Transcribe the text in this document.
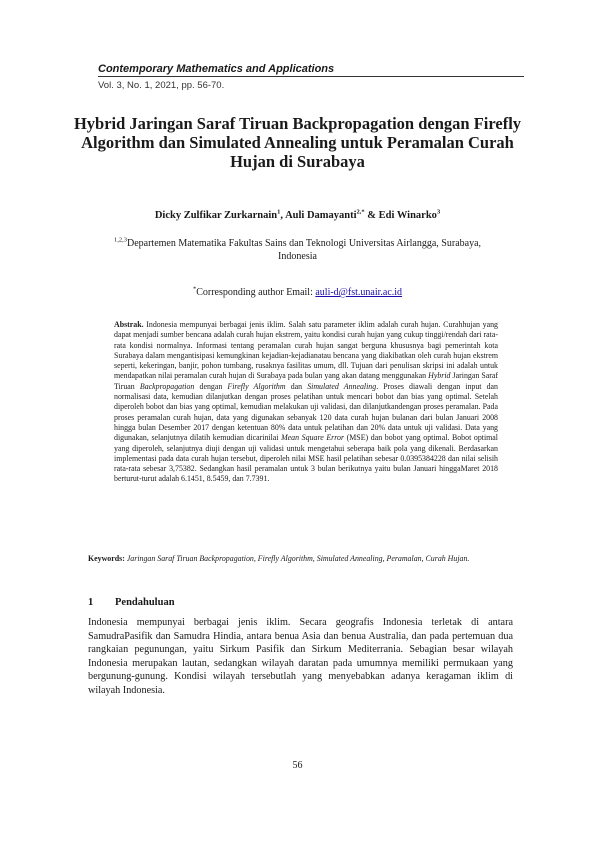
Contemporary Mathematics and Applications
Vol. 3, No. 1, 2021, pp. 56-70.
Hybrid Jaringan Saraf Tiruan Backpropagation dengan Firefly Algorithm dan Simulated Annealing untuk Peramalan Curah Hujan di Surabaya
Dicky Zulfikar Zurkarnain$^1$, Auli Damayanti$^{2,*}$ & Edi Winarko$^3$
$^{1,2,3}$Departemen Matematika Fakultas Sains dan Teknologi Universitas Airlangga, Surabaya, Indonesia
*Corresponding author Email: auli-d@fst.unair.ac.id

Abstrak. Indonesia mempunyai berbagai jenis iklim. Salah satu parameter iklim adalah curah hujan. Curahhujan yang dapat menjadi sumber bencana adalah curah hujan ekstrem, yaitu kondisi curah hujan yang cukup tinggi/rendah dari rata-rata kondisi normalnya. Informasi tentang peramalan curah hujan sangat berguna khususnya bagi pemerintah kota Surabaya dalam mengantisipasi kemungkinan kejadian-kejadianatau bencana yang diakibatkan oleh curah hujan ekstrem seperti, kekeringan, banjir, pohon tumbang, rusaknya fasilitas umum, dll. Tujuan dari penulisan skripsi ini adalah untuk mendapatkan nilai peramalan curah hujan di Surabaya pada bulan yang akan datang menggunakan Hybrid Jaringan Saraf Tiruan Backpropagation dengan Firefly Algorithm dan Simulated Annealing. Proses diawali dengan input dan normalisasi data, kemudian dilanjutkan dengan proses pelatihan untuk mencari bobot dan bias yang optimal. Setelah diperoleh bobot dan bias yang optimal, kemudian melakukan uji validasi, dan dilanjutkandengan proses peramalan. Pada proses peramalan curah hujan, data yang digunakan sebanyak 120 data curah hujan bulanan dari bulan Januari 2008 hingga bulan Desember 2017 dengan ketentuan 80% data untuk pelatihan dan 20% data untuk uji validasi. Data yang digunakan, selanjutnya dilatih kemudian dicarinilai Mean Square Error (MSE) dan bobot yang optimal. Bobot optimal yang diperoleh, selanjutnya diuji dengan uji validasi untuk mengetahui seberapa baik pola yang dikenali. Berdasarkan implementasi pada data curah hujan tersebut, diperoleh nilai MSE hasil pelatihan sebesar 0.0395384228 dan nilai selisih rata-rata sebesar 3,75382. Sedangkan hasil peramalan untuk 3 bulan berikutnya yaitu bulan Januari hinggaMaret 2018 berturut-turut adalah 6.1451, 8.5459, dan 7.7391.

Keywords: Jaringan Saraf Tiruan Backpropagation, Firefly Algorithm, Simulated Annealing, Peramalan, Curah Hujan.

1 Pendahuluan

Indonesia mempunyai berbagai jenis iklim. Secara geografis Indonesia terletak di antara SamudraPasifik dan Samudra Hindia, antara benua Asia dan benua Australia, dan pada pertemuan dua rangkaian pegunungan, yaitu Sirkum Pasifik dan Sirkum Mediterrania. Sebagian besar wilayah Indonesia merupakan lautan, sedangkan wilayah daratan pada umumnya memiliki permukaan yang bergunung-gunung. Kondisi wilayah tersebutlah yang menyebabkan adanya keragaman iklim di wilayah Indonesia.

56
